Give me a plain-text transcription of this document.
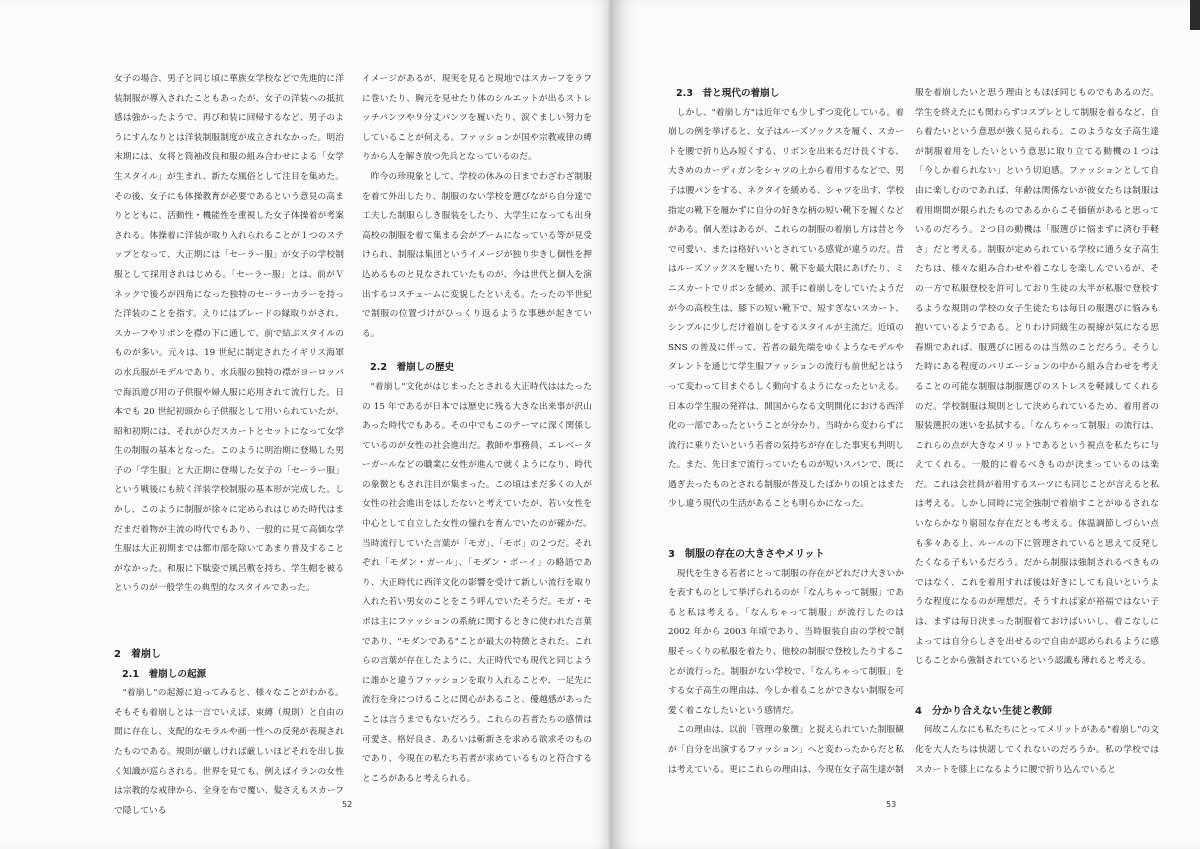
女子の場合、男子と同じ頃に華族女学校などで先進的に洋装制服が導入されたこともあったが、女子の洋装への抵抗感は強かったようで、再び和装に回帰するなど、男子のようにすんなりとは洋装制服制度が成立されなかった。明治末期には、女将と筒袖改良和服の組み合わせによる「女学生スタイル」が生まれ、新たな風俗として注目を集めた。その後、女子にも体操教育が必要であるという意見の高まりとともに、活動性・機能性を重視した女子体操着が考案される。体操着に洋装が取り入れられることが１つのステップとなって、大正期には「セーラー服」が女子の学校制服として採用されはじめる。「セーラー服」とは、前がＶネックで後ろが四角になった独特のセーラーカラーを持った洋装のことを指す。えりにはブレードの縁取りがされ、スカーフやリボンを襟の下に通して、前で結ぶスタイルのものが多い。元々は、19 世紀に制定されたイギリス海軍の水兵服がモデルであり、水兵服の独特の襟がヨーロッパで海浜遊び用の子供服や婦人服に応用されて流行した。日本でも 20 世紀初頭から子供服として用いられていたが、昭和初期には、それがひだスカートとセットになって女学生の制服の基本となった。このように明治期に登場した男子の「学生服」と大正期に登場した女子の「セーラー服」という戦後にも続く洋装学校制服の基本形が完成した。しかし、このように制服が徐々に定められはじめた時代はまだまだ着物が主流の時代でもあり、一般的に見て高価な学生服は大正初期までは都市部を除いてあまり普及することがなかった。和服に下駄姿で風呂敷を持ち、学生帽を被るというのが一般学生の典型的なスタイルであった。

2　着崩し
2.1　着崩しの起源

"着崩し"の起源に迫ってみると、様々なことがわかる。そもそも着崩しとは一言でいえば、束縛（規則）と自由の間に存在し、支配的なモラルや画一性への反発が表現されたものである。規則が厳しければ厳しいほどそれを出し抜く知識が巡らされる。世界を見ても、例えばイランの女性は宗教的な戒律から、全身を布で覆い、髪さえもスカーフで隠している

イメージがあるが、現実を見ると現地ではスカーフをラフに巻いたり、胸元を見せたり体のシルエットが出るストレッチパンツや９分丈パンツを履いたり、涙ぐましい努力をしていることが伺える。ファッションが国や宗教戒律の縛りから人を解き放つ先兵となっているのだ。

昨今の珍現象として、学校の休みの日までわざわざ制服を着て外出したり、制服のない学校を選びながら自分達で工夫した制服らしき服装をしたり、大学生になっても出身高校の制服を着て集まる会がブームになっている等が見受けられ、制服は集団というイメージが独り歩きし個性を押込めるものと見なされていたものが、今は世代と個人を演出するコスチュームに変貌したといえる。たったの半世紀で制服の位置づけがひっくり返るような事態が起きている。

2.2　着崩しの歴史

"着崩し"文化がはじまったとされる大正時代ははたったの 15 年であるが日本では歴史に残る大きな出来事が沢山あった時代でもある。その中でもこのテーマに深く関係しているのが女性の社会進出だ。教師や事務員、エレベーターガールなどの職業に女性が進んで就くようになり、時代の象徴ともされ注目が集まった。この頃はまだ多くの人が女性の社会進出をはしたないと考えていたが、若い女性を中心として自立した女性の憧れを育んでいたのが確かだ。当時流行していた言葉が「モガ」、「モボ」の２つだ。それぞれ「モダン・ガール」、「モダン・ボーイ」の略語であり、大正時代に西洋文化の影響を受けて新しい流行を取り入れた若い男女のことをこう呼んでいたそうだ。モガ・モボは主にファッションの系統に関するときに使われた言葉であり、"モダンである"ことが最大の特徴とされた。これらの言葉が存在したように、大正時代でも現代と同じように誰かと違うファッションを取り入れることや、一足先に流行を身につけることに関心があること、優越感があったことは言うまでもないだろう。これらの若者たちの感情は可愛さ、格好良さ、あるいは斬新さを求める欲求そのものであり、今現在の私たち若者が求めているものと符合するところがあると考えられる。

52
2.3　昔と現代の着崩し

しかし、"着崩し方"は近年でも少しずつ変化している。着崩しの例を挙げると、女子はルーズソックスを履く、スカートを腰で折り込み短くする、リボンを出来るだけ長くする、大きめのカーディガンをシャツの上から着用するなどで、男子は腰パンをする、ネクタイを緩める、シャツを出す、学校指定の靴下を履かずに自分の好きな柄の短い靴下を履くなどがある。個人差はあるが、これらの制服の着崩し方は昔と今で可愛い、または格好いいとされている感覚が違うのだ。昔はルーズソックスを履いたり、靴下を最大限にあげたり、ミニスカートでリボンを緩め、派手に着崩しをしていたようだが今の高校生は、膝下の短い靴下で、短すぎないスカート、シンプルに少しだけ着崩しをするスタイルが主流だ。近頃の SNS の普及に伴って、若者の最先端をゆくようなモデルやタレントを通じて学生服ファッションの流行も前世紀とはうって変わって目まぐるしく動向するようになったといえる。日本の学生服の発祥は、開国からなる文明開化における西洋化の一部であったということが分かり、当時から変わらずに流行に乗りたいという若者の気持ちが存在した事実も判明した。また、先日まで流行っていたものが短いスパンで、既に過ぎ去ったものとされる制服が普及したばかりの頃とはまた少し違う現代の生活があることも明らかになった。

3　制服の存在の大きさやメリット

現代を生きる若者にとって制服の存在がどれだけ大きいかを表すものとして挙げられるのが「なんちゃって制服」であると私は考える。「なんちゃって制服」が流行したのは 2002 年から 2003 年頃であり、当時服装自由の学校で制服そっくりの私服を着たり、他校の制服で登校したりすることが流行った。制服がない学校で、「なんちゃって制服」をする女子高生の理由は、今しか着ることができない制服を可愛く着こなしたいという感情だ。

この理由は、以前「管理の象徴」と捉えられていた制服観が「自分を出演するファッション」へと変わったからだと私は考えている。更にこれらの理由は、今現在女子高生達が制

服を着崩したいと思う理由ともほぼ同じものでもあるのだ。学生を終えたにも関わらずコスプレとして制服を着るなど、自ら着たいという意思が強く見られる。このような女子高生達が制服着用をしたいという意思に取り立てる動機の１つは「今しか着られない」という切迫感。ファッションとして自由に楽しむのであれば、年齢は関係ないが彼女たちは制服は着用期間が限られたものであるからこそ価値があると思っているのだろう。２つ目の動機は「服選びに悩まずに済む手軽さ」だと考える。制服が定められている学校に通う女子高生たちは、様々な組み合わせや着こなしを楽しんでいるが、その一方で私服登校を許可しており生徒の大半が私服で登校するような規則の学校の女子生徒たちは毎日の服選びに悩みも抱いているようである。とりわけ同級生の視線が気になる思春期であれば、服選びに困るのは当然のことだろう。そうした時にある程度のバリエーションの中から組み合わせを考えることの可能な制服は制服選びのストレスを軽減してくれるのだ。学校制服は規則として決められているため、着用者の服装選択の迷いを払拭する。「なんちゃって制服」の流行は、これらの点が大きなメリットであるという視点を私たちに与えてくれる。一般的に着るべきものが決まっているのは楽だ。これは会社員が着用するスーツにも同じことが言えると私は考える。しかし同時に完全強制で着崩すことがゆるされないならかなり窮屈な存在だとも考える。体温調節しづらい点も多々ある上、ルールの下に管理されていると思えて反発したくなる子もいるだろう。だから制服は強制されるべきものではなく、これを着用すれば後は好きにしても良いというような程度になるのが理想だ。そうすれば家が裕福ではない子は、まずは毎日決まった制服着ておけばいいし、着こなしによっては自分らしさを出せるので自由が認められるように感じることから強制されているという認識も薄れると考える。

4　分かり合えない生徒と教師

何故こんなにも私たちにとってメリットがある"着崩し"の文化を大人たちは快諾してくれないのだろうか。私の学校ではスカートを膝上になるように腰で折り込んでいると

53
